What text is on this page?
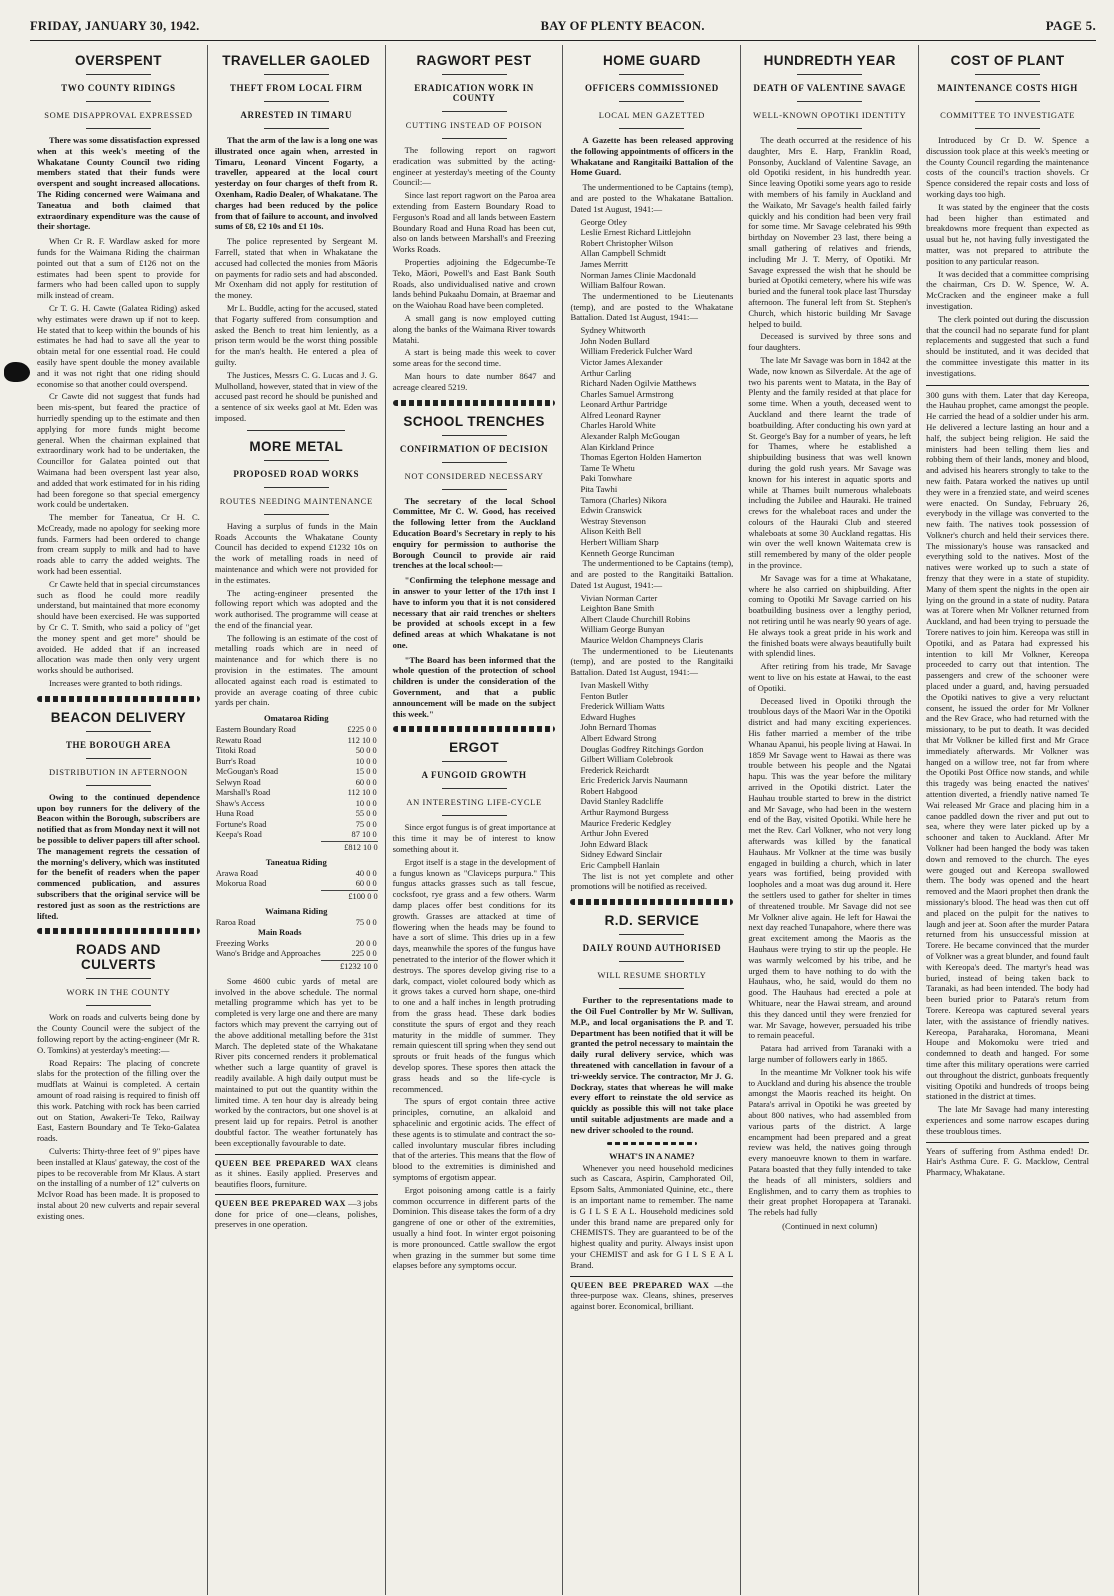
FRIDAY, JANUARY 30, 1942.	BAY OF PLENTY BEACON.	PAGE 5.
OVERSPENT
TWO COUNTY RIDINGS
SOME DISAPPROVAL EXPRESSED
There was some dissatisfaction expressed when at this week's meeting of the Whakatane County Council two riding members stated that their funds were overspent and sought increased allocations. The Riding concerned were Waimana and Taneatua and both claimed that extraordinary expenditure was the cause of their shortage.

When Cr R. F. Wardlaw asked for more funds for the Waimana Riding the chairman pointed out that a sum of £126 not on the estimates had been spent to provide for farmers who had been called upon to supply milk instead of cream.

Cr T. G. H. Cawte (Galatea Riding) asked why estimates were drawn up if not to keep. He stated that to keep within the bounds of his estimates he had had to save all the year to obtain metal for one essential road. He could easily have spent double the money available and it was not right that one riding should economise so that another could overspend.

Cr Cawte did not suggest that funds had been mis-spent, but feared the practice of hurriedly spending up to the estimate and then applying for more funds might become general. When the chairman explained that extraordinary work had to be undertaken, the Councillor for Galatea pointed out that Waimana had been overspent last year also, and added that work estimated for in his riding had been foregone so that special emergency work could be undertaken.

The member for Taneatua, Cr H. C. McCready, made no apology for seeking more funds. Farmers had been ordered to change from cream supply to milk and had to have roads able to carry the added weights. The work had been essential.

Cr Cawte held that in special circumstances such as flood he could more readily understand, but maintained that more economy should have been exercised. He was supported by Cr C. T. Smith, who said a policy of "get the money spent and get more" should be avoided. He added that if an increased allocation was made then only very urgent works should be authorised.

Increases were granted to both ridings.

BEACON DELIVERY
THE BOROUGH AREA
DISTRIBUTION IN AFTERNOON
Owing to the continued dependence upon boy runners for the delivery of the Beacon within the Borough, subscribers are notified that as from Monday next it will not be possible to deliver papers till after school. The management regrets the cessation of the morning's delivery, which was instituted for the benefit of readers when the paper commenced publication, and assures subscribers that the original service will be restored just as soon as the restrictions are lifted.
ROADS AND CULVERTS
WORK IN THE COUNTY

Work on roads and culverts being done by the County Council were the subject of the following report by the acting-engineer (Mr R. O. Tomkins) at yesterday's meeting:—

Road Repairs: The placing of concrete slabs for the protection of the filling over the mudflats at Wainui is completed. A certain amount of road raising is required to finish off this work. Patching with rock has been carried out on Station, Awakeri-Te Teko, Railway East, Eastern Boundary and Te Teko-Galatea roads.

Culverts: Thirty-three feet of 9" pipes have been installed at Klaus' gateway, the cost of the pipes to be recoverable from Mr Klaus. A start on the installing of a number of 12" culverts on McIvor Road has been made. It is proposed to instal about 20 new culverts and repair several existing ones.

TRAVELLER GAOLED
THEFT FROM LOCAL FIRM
ARRESTED IN TIMARU
That the arm of the law is a long one was illustrated once again when, arrested in Timaru, Leonard Vincent Fogarty, a traveller, appeared at the local court yesterday on four charges of theft from R. Oxenham, Radio Dealer, of Whakatane. The charges had been reduced by the police from that of failure to account, and involved sums of £8, £2 10s and £1 10s.

The police represented by Sergeant M. Farrell, stated that when in Whakatane the accused had collected the monies from Māoris on payments for radio sets and had absconded. Mr Oxenham did not apply for restitution of the money.

Mr L. Buddle, acting for the accused, stated that Fogarty suffered from consumption and asked the Bench to treat him leniently, as a prison term would be the worst thing possible for the man's health. He entered a plea of guilty.

The Justices, Messrs C. G. Lucas and J. G. Mulholland, however, stated that in view of the accused past record he should be punished and a sentence of six weeks gaol at Mt. Eden was imposed.

MORE METAL
PROPOSED ROAD WORKS
ROUTES NEEDING MAINTENANCE

Having a surplus of funds in the Main Roads Accounts the Whakatane County Council has decided to expend £1232 10s on the work of metalling roads in need of maintenance and which were not provided for in the estimates.

The acting-engineer presented the following report which was adopted and the work authorised. The programme will cease at the end of the financial year.

The following is an estimate of the cost of metalling roads which are in need of maintenance and for which there is no provision in the estimates. The amount allocated against each road is estimated to provide an average coating of three cubic yards per chain.

Omataroa Riding
Eastern Boundary Road	£225 0 0
Rewatu Road	112 10 0
Titoki Road	50 0 0
Burr's Road	10 0 0
McGougan's Road	15 0 0
Selwyn Road	60 0 0
Marshall's Road	112 10 0
Shaw's Access	10 0 0
Huna Road	55 0 0
Fortune's Road	75 0 0
Keepa's Road	87 10 0
£812 10 0
Taneatua Riding
Arawa Road	40 0 0
Mokorua Road	60 0 0
£100 0 0
Waimana Riding
Raroa Road	75 0 0
Main Roads	
Freezing Works	20 0 0
Wano's Bridge and Approaches	225 0 0
£1232 10 0

Some 4600 cubic yards of metal are involved in the above schedule. The normal metalling programme which has yet to be completed is very large one and there are many factors which may prevent the carrying out of the above additional metalling before the 31st March. The depleted state of the Whakatane River pits concerned renders it problematical whether such a large quantity of gravel is readily available. A high daily output must be maintained to put out the quantity within the limited time. A ten hour day is already being worked by the contractors, but one shovel is at present laid up for repairs. Petrol is another doubtful factor. The weather fortunately has been exceptionally favourable to date.

QUEEN BEE PREPARED WAX cleans as it shines. Easily applied. Preserves and beautifies floors, furniture.
QUEEN BEE PREPARED WAX —3 jobs done for price of one—cleans, polishes, preserves in one operation.
RAGWORT PEST
ERADICATION WORK IN COUNTY
CUTTING INSTEAD OF POISON

The following report on ragwort eradication was submitted by the acting-engineer at yesterday's meeting of the County Council:—

Since last report ragwort on the Paroa area extending from Eastern Boundary Road to Ferguson's Road and all lands between Eastern Boundary Road and Huna Road has been cut, also on lands between Marshall's and Freezing Works Roads.

Properties adjoining the Edgecumbe-Te Teko, Māori, Powell's and East Bank South Roads, also undividualised native and crown lands behind Pukaahu Domain, at Braemar and on the Waiohau Road have been completed.

A small gang is now employed cutting along the banks of the Waimana River towards Matahi.

A start is being made this week to cover some areas for the second time.

Man hours to date number 8647 and acreage cleared 5219.

SCHOOL TRENCHES
CONFIRMATION OF DECISION
NOT CONSIDERED NECESSARY
The secretary of the local School Committee, Mr C. W. Good, has received the following letter from the Auckland Education Board's Secretary in reply to his enquiry for permission to authorise the Borough Council to provide air raid trenches at the local school:—
"Confirming the telephone message and in answer to your letter of the 17th inst I have to inform you that it is not considered necessary that air raid trenches or shelters be provided at schools except in a few defined areas at which Whakatane is not one.
"The Board has been informed that the whole question of the protection of school children is under the consideration of the Government, and that a public announcement will be made on the subject this week."
ERGOT
A FUNGOID GROWTH
AN INTERESTING LIFE-CYCLE

Since ergot fungus is of great importance at this time it may be of interest to know something about it.

Ergot itself is a stage in the development of a fungus known as "Claviceps purpura." This fungus attacks grasses such as tall fescue, cocksfoot, rye grass and a few others. Warm damp places offer best conditions for its growth. Grasses are attacked at time of flowering when the heads may be found to have a sort of slime. This dries up in a few days, meanwhile the spores of the fungus have penetrated to the interior of the flower which it destroys. The spores develop giving rise to a dark, compact, violet coloured body which as it grows takes a curved horn shape, one-third to one and a half inches in length protruding from the grass head. These dark bodies constitute the spurs of ergot and they reach maturity in the middle of summer. They remain quiescent till spring when they send out sprouts or fruit heads of the fungus which develop spores. These spores then attack the grass heads and so the life-cycle is recommenced.

The spurs of ergot contain three active principles, cornutine, an alkaloid and sphacelinic and ergotinic acids. The effect of these agents is to stimulate and contract the so-called involuntary muscular fibres including that of the arteries. This means that the flow of blood to the extremities is diminished and symptoms of ergotism appear.

Ergot poisoning among cattle is a fairly common occurrence in different parts of the Dominion. This disease takes the form of a dry gangrene of one or other of the extremities, usually a hind foot. In winter ergot poisoning is more pronounced. Cattle swallow the ergot when grazing in the summer but some time elapses before any symptoms occur.

HOME GUARD
OFFICERS COMMISSIONED
LOCAL MEN GAZETTED
A Gazette has been released approving the following appointments of officers in the Whakatane and Rangitaiki Battalion of the Home Guard.

The undermentioned to be Captains (temp), and are posted to the Whakatane Battalion. Dated 1st August, 1941:—

George Otley
Leslie Ernest Richard Littlejohn
Robert Christopher Wilson
Allan Campbell Schmidt
James Merritt
Norman James Clinie Macdonald
William Balfour Rowan.

The undermentioned to be Lieutenants (temp), and are posted to the Whakatane Battalion. Dated 1st August, 1941:—

Sydney Whitworth
John Noden Bullard
William Frederick Fulcher Ward
Victor James Alexander
Arthur Carling
Richard Naden Ogilvie Matthews
Charles Samuel Armstrong
Leonard Arthur Partridge
Alfred Leonard Rayner
Charles Harold White
Alexander Ralph McGougan
Alan Kirkland Prince
Thomas Egerton Holden Hamerton
Tame Te Whetu
Paki Tonwhare
Pita Tawhi
Tamora (Charles) Nikora
Edwin Cranswick
Westray Stevenson
Alison Keith Bell
Herbert William Sharp
Kenneth George Runciman

The undermentioned to be Captains (temp), and are posted to the Rangitaiki Battalion. Dated 1st August, 1941:—

Vivian Norman Carter
Leighton Bane Smith
Albert Claude Churchill Robins
William George Bunyan
Maurice Weldon Champneys Claris

The undermentioned to be Lieutenants (temp), and are posted to the Rangitaiki Battalion. Dated 1st August, 1941:—

Ivan Maskell Withy
Fenton Butler
Frederick William Watts
Edward Hughes
John Bernard Thomas
Albert Edward Strong
Douglas Godfrey Ritchings Gordon
Gilbert William Colebrook
Frederick Reichardt
Eric Frederick Jarvis Naumann
Robert Habgood
David Stanley Radcliffe
Arthur Raymond Burgess
Maurice Frederic Kedgley
Arthur John Evered
John Edward Black
Sidney Edward Sinclair
Eric Campbell Hanlain

The list is not yet complete and other promotions will be notified as received.

R.D. SERVICE
DAILY ROUND AUTHORISED
WILL RESUME SHORTLY
Further to the representations made to the Oil Fuel Controller by Mr W. Sullivan, M.P., and local organisations the P. and T. Department has been notified that it will be granted the petrol necessary to maintain the daily rural delivery service, which was threatened with cancellation in favour of a tri-weekly service. The contractor, Mr J. G. Dockray, states that whereas he will make every effort to reinstate the old service as quickly as possible this will not take place until suitable adjustments are made and a new driver schooled to the round.
WHAT'S IN A NAME?

Whenever you need household medicines such as Cascara, Aspirin, Camphorated Oil, Epsom Salts, Ammoniated Quinine, etc., there is an important name to remember. The name is G I L S E A L. Household medicines sold under this brand name are prepared only for CHEMISTS. They are guaranteed to be of the highest quality and purity. Always insist upon your CHEMIST and ask for G I L S E A L Brand.

QUEEN BEE PREPARED WAX —the three-purpose wax. Cleans, shines, preserves against borer. Economical, brilliant.
HUNDREDTH YEAR
DEATH OF VALENTINE SAVAGE
WELL-KNOWN OPOTIKI IDENTITY

The death occurred at the residence of his daughter, Mrs E. Harp, Franklin Road, Ponsonby, Auckland of Valentine Savage, an old Opotiki resident, in his hundredth year. Since leaving Opotiki some years ago to reside with members of his family in Auckland and the Waikato, Mr Savage's health failed fairly quickly and his condition had been very frail for some time. Mr Savage celebrated his 99th birthday on November 23 last, there being a small gathering of relatives and friends, including Mr J. T. Merry, of Opotiki. Mr Savage expressed the wish that he should be buried at Opotiki cemetery, where his wife was buried and the funeral took place last Thursday afternoon. The funeral left from St. Stephen's Church, which historic building Mr Savage helped to build.

Deceased is survived by three sons and four daughters.

The late Mr Savage was born in 1842 at the Wade, now known as Silverdale. At the age of two his parents went to Matata, in the Bay of Plenty and the family resided at that place for some time. When a youth, deceased went to Auckland and there learnt the trade of boatbuilding. After conducting his own yard at St. George's Bay for a number of years, he left for Thames, where he established a shipbuilding business that was well known during the gold rush years. Mr Savage was known for his interest in aquatic sports and while at Thames built numerous whaleboats including the Jubilee and Hauraki. He trained crews for the whaleboat races and under the colours of the Hauraki Club and steered whaleboats at some 30 Auckland regattas. His win over the well known Waitemata crew is still remembered by many of the older people in the province.

Mr Savage was for a time at Whakatane, where he also carried on shipbuilding. After coming to Opotiki Mr Savage carried on his boatbuilding business over a lengthy period, not retiring until he was nearly 90 years of age. He always took a great pride in his work and the finished boats were always beautifully built with splendid lines.

After retiring from his trade, Mr Savage went to live on his estate at Hawai, to the east of Opotiki.

Deceased lived in Opotiki through the troublous days of the Maori War in the Opotiki district and had many exciting experiences. His father married a member of the tribe Whanau Apanui, his people living at Hawai. In 1859 Mr Savage went to Hawai as there was trouble between his people and the Ngatai hapu. This was the year before the military arrived in the Opotiki district. Later the Hauhau trouble started to brew in the district and Mr Savage, who had been in the western end of the Bay, visited Opotiki. While here he met the Rev. Carl Volkner, who not very long afterwards was killed by the fanatical Hauhaus. Mr Volkner at the time was busily engaged in building a church, which in later years was fortified, being provided with loopholes and a moat was dug around it. Here the settlers used to gather for shelter in times of threatened trouble. Mr Savage did not see Mr Volkner alive again. He left for Hawai the next day reached Tunapahore, where there was great excitement among the Maoris as the Hauhaus were trying to stir up the people. He was warmly welcomed by his tribe, and he urged them to have nothing to do with the Hauhaus, who, he said, would do them no good. The Hauhaus had erected a pole at Whituare, near the Hawai stream, and around this they danced until they were frenzied for war. Mr Savage, however, persuaded his tribe to remain peaceful.

Patara had arrived from Taranaki with a large number of followers early in 1865.

In the meantime Mr Volkner took his wife to Auckland and during his absence the trouble amongst the Maoris reached its height. On Patara's arrival in Opotiki he was greeted by about 800 natives, who had assembled from various parts of the district. A large encampment had been prepared and a great review was held, the natives going through every manoeuvre known to them in warfare. Patara boasted that they fully intended to take the heads of all ministers, soldiers and Englishmen, and to carry them as trophies to their great prophet Horopapera at Taranaki. The rebels had fully

(Continued in next column)
COST OF PLANT
MAINTENANCE COSTS HIGH
COMMITTEE TO INVESTIGATE

Introduced by Cr D. W. Spence a discussion took place at this week's meeting or the County Council regarding the maintenance costs of the council's traction shovels. Cr Spence considered the repair costs and loss of working days too high.

It was stated by the engineer that the costs had been higher than estimated and breakdowns more frequent than expected as usual but he, not having fully investigated the matter, was not prepared to attribute the position to any particular reason.

It was decided that a committee comprising the chairman, Crs D. W. Spence, W. A. McCracken and the engineer make a full investigation.

The clerk pointed out during the discussion that the council had no separate fund for plant replacements and suggested that such a fund should be instituted, and it was decided that the committee investigate this matter in its investigations.

300 guns with them. Later that day Kereopa, the Hauhau prophet, came amongst the people. He carried the head of a soldier under his arm. He delivered a lecture lasting an hour and a half, the subject being religion. He said the ministers had been telling them lies and robbing them of their lands, money and blood, and advised his hearers strongly to take to the new faith. Patara worked the natives up until they were in a frenzied state, and weird scenes were enacted. On Sunday, February 26, everybody in the village was converted to the new faith. The natives took possession of Volkner's church and held their services there. The missionary's house was ransacked and everything sold to the natives. Most of the natives were worked up to such a state of frenzy that they were in a state of stupidity. Many of them spent the nights in the open air lying on the ground in a state of nudity. Patara was at Torere when Mr Volkner returned from Auckland, and had been trying to persuade the Torere natives to join him. Kereopa was still in Opotiki, and as Patara had expressed his intention to kill Mr Volkner, Kereopa proceeded to carry out that intention. The passengers and crew of the schooner were placed under a guard, and, having persuaded the Opotiki natives to give a very reluctant consent, he issued the order for Mr Volkner and the Rev Grace, who had returned with the missionary, to be put to death. It was decided that Mr Volkner be killed first and Mr Grace immediately afterwards. Mr Volkner was hanged on a willow tree, not far from where the Opotiki Post Office now stands, and while this tragedy was being enacted the natives' attention diverted, a friendly native named Te Wai released Mr Grace and placing him in a canoe paddled down the river and put out to sea, where they were later picked up by a schooner and taken to Auckland. After Mr Volkner had been hanged the body was taken down and removed to the church. The eyes were gouged out and Kereopa swallowed them. The body was opened and the heart removed and the Maori prophet then drank the missionary's blood. The head was then cut off and placed on the pulpit for the natives to laugh and jeer at. Soon after the murder Patara returned from his unsuccessful mission at Torere. He became convinced that the murder of Volkner was a great blunder, and found fault with Kereopa's deed. The martyr's head was buried, instead of being taken back to Taranaki, as had been intended. The body had been buried prior to Patara's return from Torere. Kereopa was captured several years later, with the assistance of friendly natives. Kereopa, Paraharaka, Horomana, Meani Houpe and Mokomoku were tried and condemned to death and hanged. For some time after this military operations were carried out throughout the district, gunboats frequently visiting Opotiki and hundreds of troops being stationed in the district at times.

The late Mr Savage had many interesting experiences and some narrow escapes during these troublous times.

Years of suffering from Asthma ended! Dr. Hair's Asthma Cure. F. G. Macklow, Central Pharmacy, Whakatane.
